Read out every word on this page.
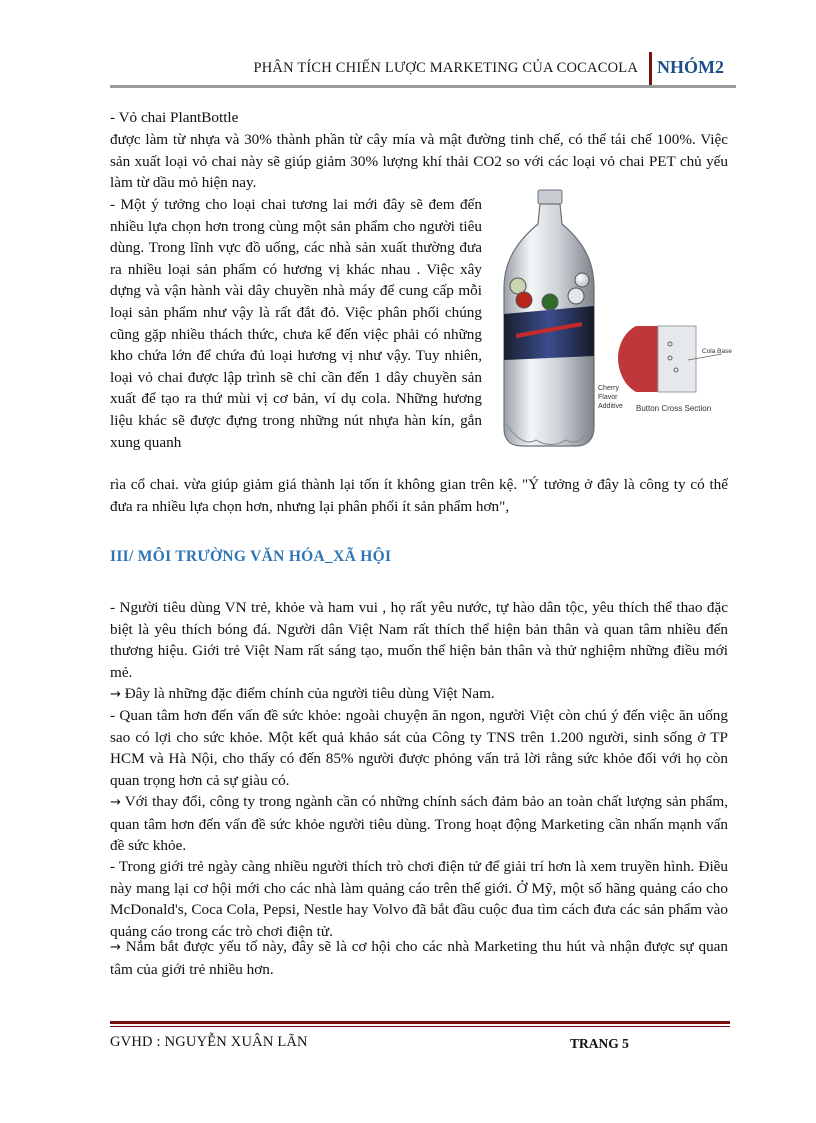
PHÂN TÍCH CHIẾN LƯỢC MARKETING CỦA COCACOLA NHÓM2

- Vỏ chai PlantBottle

được làm từ nhựa và 30% thành phần từ cây mía và mật đường tinh chế, có thể tái chế 100%. Việc sản xuất loại vỏ chai này sẽ giúp giảm 30% lượng khí thải CO2 so với các loại vỏ chai PET chủ yếu làm từ dầu mỏ hiện nay.

- Một ý tưởng cho loại chai tương lai mới đây sẽ đem đến nhiều lựa chọn hơn trong cùng một sản phẩm cho người tiêu dùng. Trong lĩnh vực đồ uống, các nhà sản xuất thường đưa ra nhiều loại sản phẩm có hương vị khác nhau . Việc xây dựng và vận hành vài dây chuyền nhà máy để cung cấp mỗi loại sản phẩm như vậy là rất đắt đỏ. Việc phân phối chúng cũng gặp nhiều thách thức, chưa kể đến việc phải có những kho chứa lớn để chứa đủ loại hương vị như vậy. Tuy nhiên, loại vỏ chai được lập trình sẽ chỉ cần đến 1 dây chuyền sản xuất để tạo ra thứ mùi vị cơ bản, ví dụ cola. Những hương liệu khác sẽ được đựng trong những nút nhựa hàn kín, gắn xung quanh

rìa cổ chai. vừa giúp giảm giá thành lại tốn ít không gian trên kệ. "Ý tưởng ở đây là công ty có thể đưa ra nhiều lựa chọn hơn, nhưng lại phân phối ít sản phẩm hơn",

Cola Base
Cherry Flavor Additive	Button Cross Section
III/ MÔI TRƯỜNG VĂN HÓA_XÃ HỘI

- Người tiêu dùng VN trẻ, khỏe và ham vui , họ rất yêu nước, tự hào dân tộc, yêu thích thể thao đặc biệt là yêu thích bóng đá. Người dân Việt Nam rất thích thể hiện bản thân và quan tâm nhiều đến thương hiệu. Giới trẻ Việt Nam rất sáng tạo, muốn thể hiện bản thân và thử nghiệm những điều mới mẻ.

→ Đây là những đặc điểm chính của người tiêu dùng Việt Nam.

- Quan tâm hơn đến vấn đề sức khỏe: ngoài chuyện ăn ngon, người Việt còn chú ý đến việc ăn uống sao có lợi cho sức khỏe. Một kết quả khảo sát của Công ty TNS trên 1.200 người, sinh sống ở TP HCM và Hà Nội, cho thấy có đến 85% người được phỏng vấn trả lời rằng sức khỏe đối với họ còn quan trọng hơn cả sự giàu có.

→ Với thay đổi, công ty trong ngành cần có những chính sách đảm bảo an toàn chất lượng sản phẩm, quan tâm hơn đến vấn đề sức khỏe người tiêu dùng. Trong hoạt động Marketing cần nhấn mạnh vấn đề sức khỏe.

- Trong giới trẻ ngày càng nhiều người thích trò chơi điện tử để giải trí hơn là xem truyền hình. Điều này mang lại cơ hội mới cho các nhà làm quảng cáo trên thế giới. Ở Mỹ, một số hãng quảng cáo cho McDonald's, Coca Cola, Pepsi, Nestle hay Volvo đã bắt đầu cuộc đua tìm cách đưa các sản phẩm vào quảng cáo trong các trò chơi điện tử.

→ Nắm bắt được yếu tố này, đây sẽ là cơ hội cho các nhà Marketing thu hút và nhận được sự quan tâm của giới trẻ nhiều hơn.

GVHD : NGUYỄN XUÂN LÃN	TRANG 5
